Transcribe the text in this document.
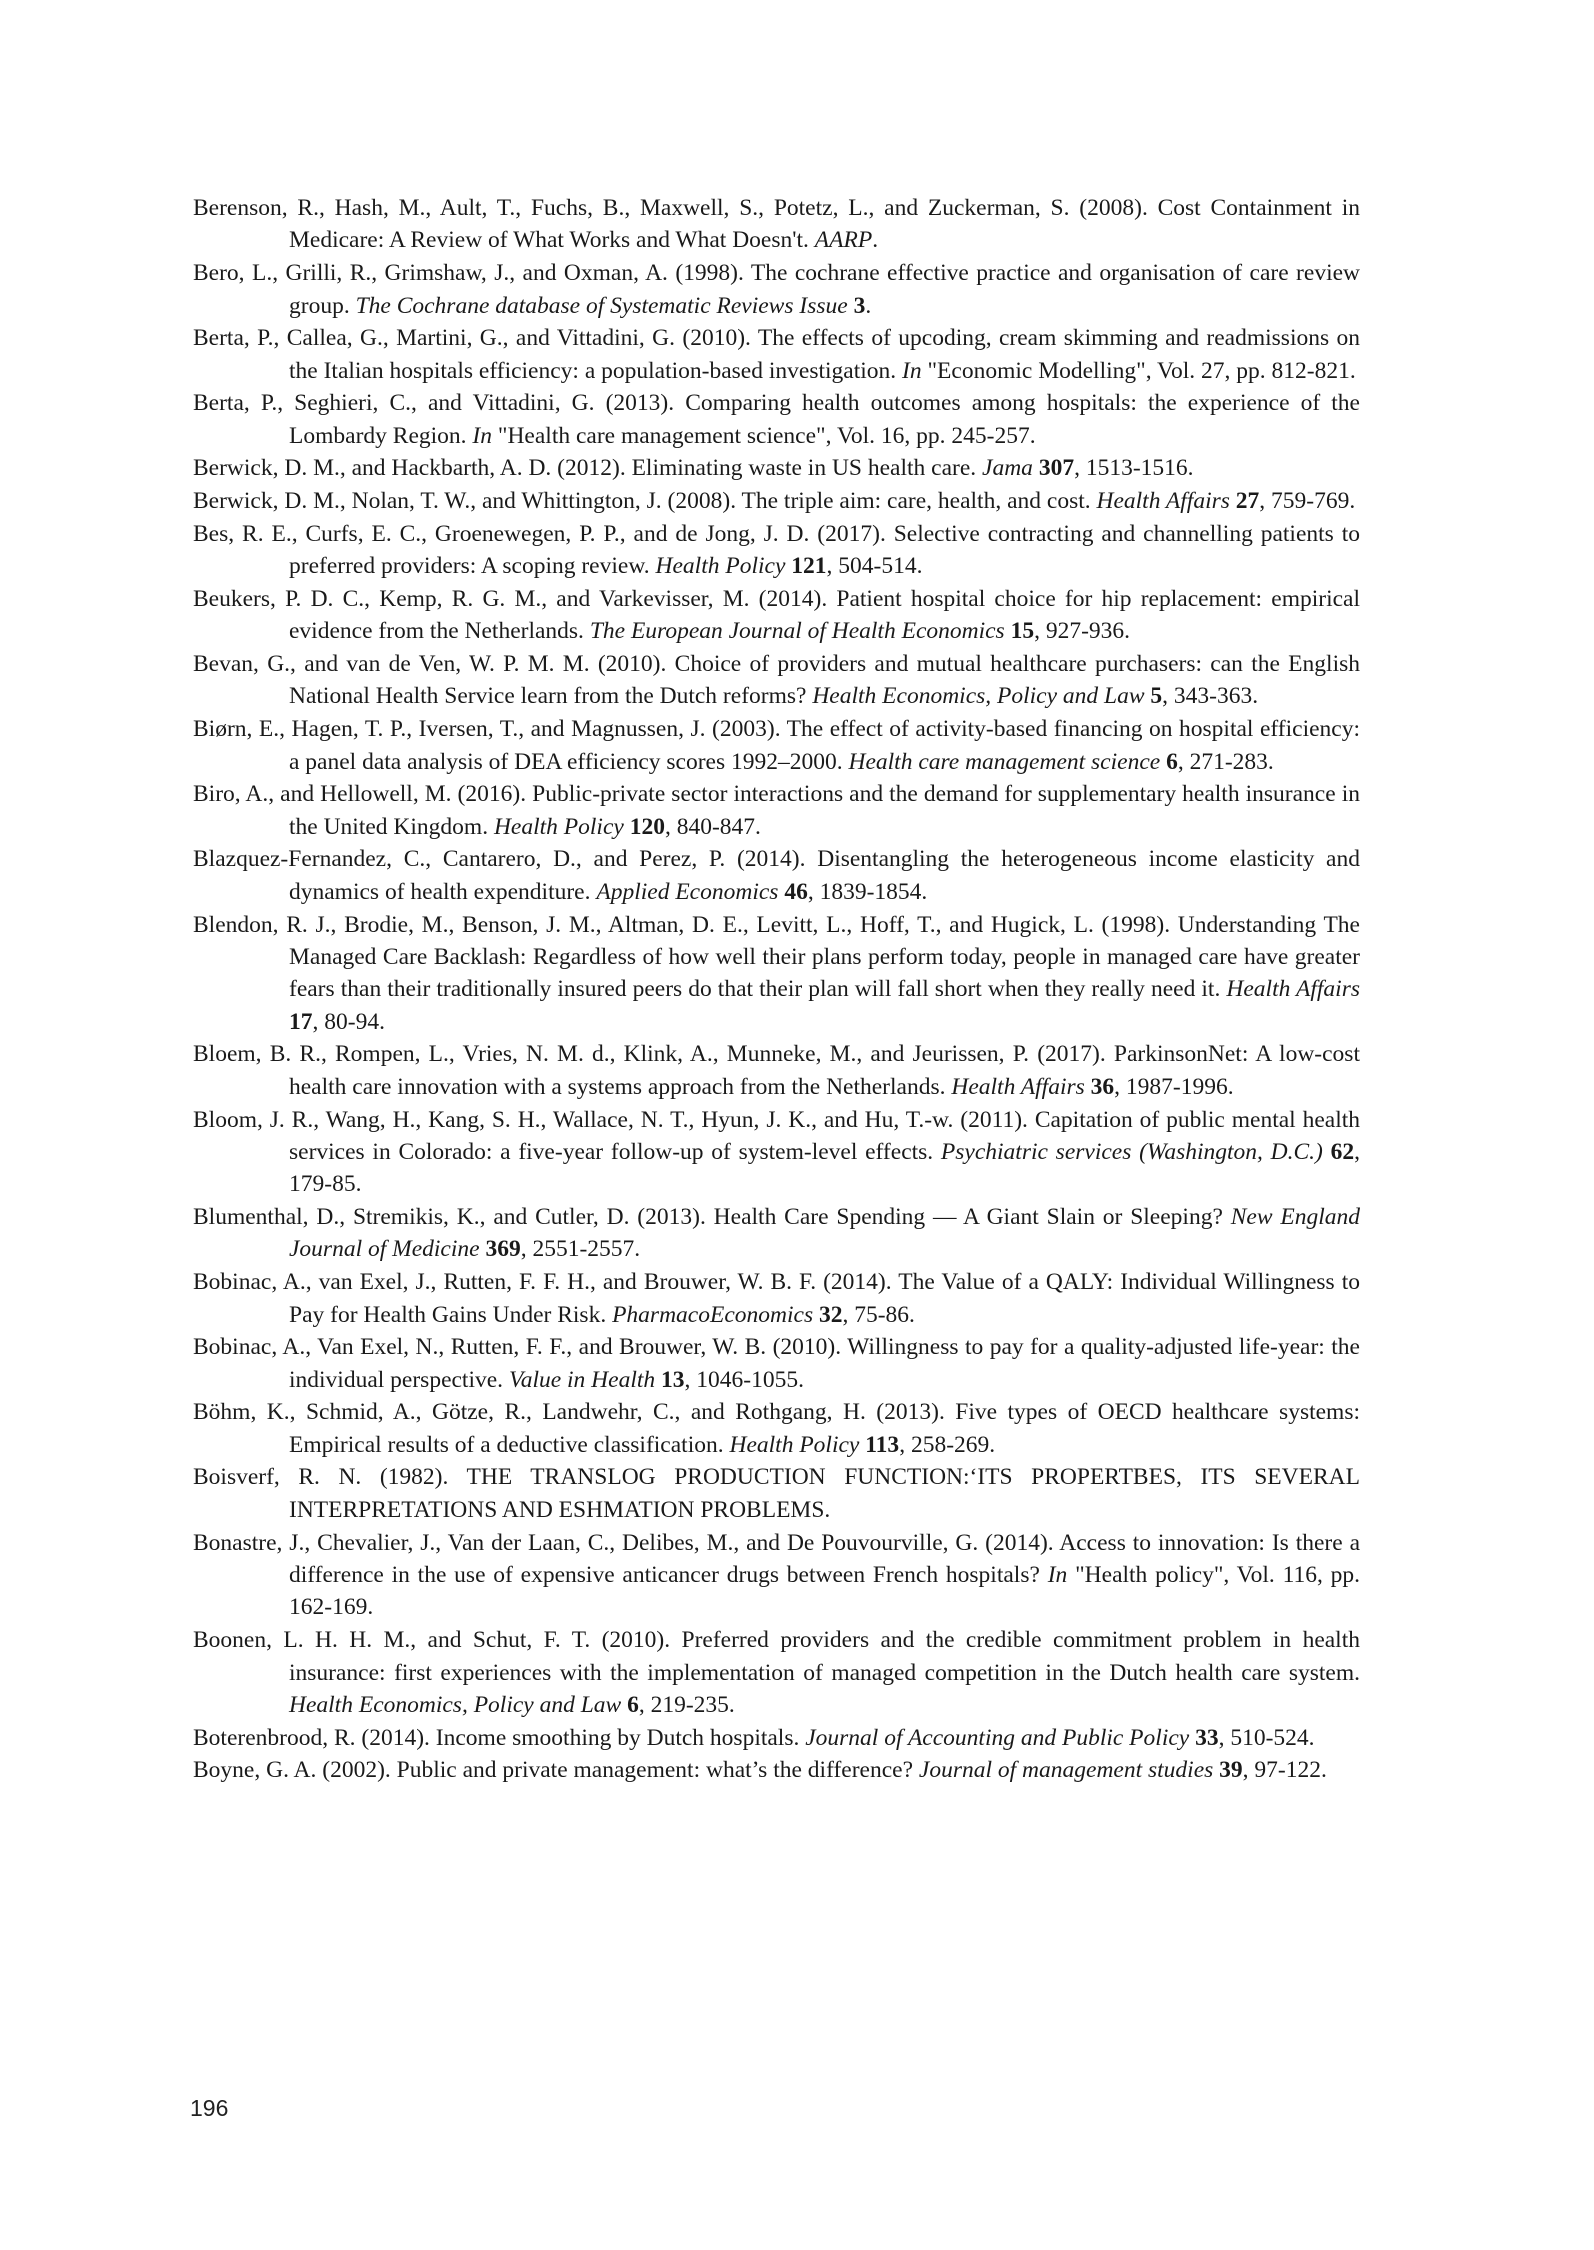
Berenson, R., Hash, M., Ault, T., Fuchs, B., Maxwell, S., Potetz, L., and Zuckerman, S. (2008). Cost Containment in Medicare: A Review of What Works and What Doesn't. AARP.
Bero, L., Grilli, R., Grimshaw, J., and Oxman, A. (1998). The cochrane effective practice and organisation of care review group. The Cochrane database of Systematic Reviews Issue 3.
Berta, P., Callea, G., Martini, G., and Vittadini, G. (2010). The effects of upcoding, cream skimming and readmissions on the Italian hospitals efficiency: a population-based investigation. In "Economic Modelling", Vol. 27, pp. 812-821.
Berta, P., Seghieri, C., and Vittadini, G. (2013). Comparing health outcomes among hospitals: the experience of the Lombardy Region. In "Health care management science", Vol. 16, pp. 245-257.
Berwick, D. M., and Hackbarth, A. D. (2012). Eliminating waste in US health care. Jama 307, 1513-1516.
Berwick, D. M., Nolan, T. W., and Whittington, J. (2008). The triple aim: care, health, and cost. Health Affairs 27, 759-769.
Bes, R. E., Curfs, E. C., Groenewegen, P. P., and de Jong, J. D. (2017). Selective contracting and channelling patients to preferred providers: A scoping review. Health Policy 121, 504-514.
Beukers, P. D. C., Kemp, R. G. M., and Varkevisser, M. (2014). Patient hospital choice for hip replacement: empirical evidence from the Netherlands. The European Journal of Health Economics 15, 927-936.
Bevan, G., and van de Ven, W. P. M. M. (2010). Choice of providers and mutual healthcare purchasers: can the English National Health Service learn from the Dutch reforms? Health Economics, Policy and Law 5, 343-363.
Biørn, E., Hagen, T. P., Iversen, T., and Magnussen, J. (2003). The effect of activity-based financing on hospital efficiency: a panel data analysis of DEA efficiency scores 1992–2000. Health care management science 6, 271-283.
Biro, A., and Hellowell, M. (2016). Public-private sector interactions and the demand for supplementary health insurance in the United Kingdom. Health Policy 120, 840-847.
Blazquez-Fernandez, C., Cantarero, D., and Perez, P. (2014). Disentangling the heterogeneous income elasticity and dynamics of health expenditure. Applied Economics 46, 1839-1854.
Blendon, R. J., Brodie, M., Benson, J. M., Altman, D. E., Levitt, L., Hoff, T., and Hugick, L. (1998). Understanding The Managed Care Backlash: Regardless of how well their plans perform today, people in managed care have greater fears than their traditionally insured peers do that their plan will fall short when they really need it. Health Affairs 17, 80-94.
Bloem, B. R., Rompen, L., Vries, N. M. d., Klink, A., Munneke, M., and Jeurissen, P. (2017). ParkinsonNet: A low-cost health care innovation with a systems approach from the Netherlands. Health Affairs 36, 1987-1996.
Bloom, J. R., Wang, H., Kang, S. H., Wallace, N. T., Hyun, J. K., and Hu, T.-w. (2011). Capitation of public mental health services in Colorado: a five-year follow-up of system-level effects. Psychiatric services (Washington, D.C.) 62, 179-85.
Blumenthal, D., Stremikis, K., and Cutler, D. (2013). Health Care Spending — A Giant Slain or Sleeping? New England Journal of Medicine 369, 2551-2557.
Bobinac, A., van Exel, J., Rutten, F. F. H., and Brouwer, W. B. F. (2014). The Value of a QALY: Individual Willingness to Pay for Health Gains Under Risk. PharmacoEconomics 32, 75-86.
Bobinac, A., Van Exel, N., Rutten, F. F., and Brouwer, W. B. (2010). Willingness to pay for a quality-adjusted life-year: the individual perspective. Value in Health 13, 1046-1055.
Böhm, K., Schmid, A., Götze, R., Landwehr, C., and Rothgang, H. (2013). Five types of OECD healthcare systems: Empirical results of a deductive classification. Health Policy 113, 258-269.
Boisverf, R. N. (1982). THE TRANSLOG PRODUCTION FUNCTION:‘ITS PROPERTBES, ITS SEVERAL INTERPRETATIONS AND ESHMATION PROBLEMS.
Bonastre, J., Chevalier, J., Van der Laan, C., Delibes, M., and De Pouvourville, G. (2014). Access to innovation: Is there a difference in the use of expensive anticancer drugs between French hospitals? In "Health policy", Vol. 116, pp. 162-169.
Boonen, L. H. H. M., and Schut, F. T. (2010). Preferred providers and the credible commitment problem in health insurance: first experiences with the implementation of managed competition in the Dutch health care system. Health Economics, Policy and Law 6, 219-235.
Boterenbrood, R. (2014). Income smoothing by Dutch hospitals. Journal of Accounting and Public Policy 33, 510-524.
Boyne, G. A. (2002). Public and private management: what’s the difference? Journal of management studies 39, 97-122.
196
